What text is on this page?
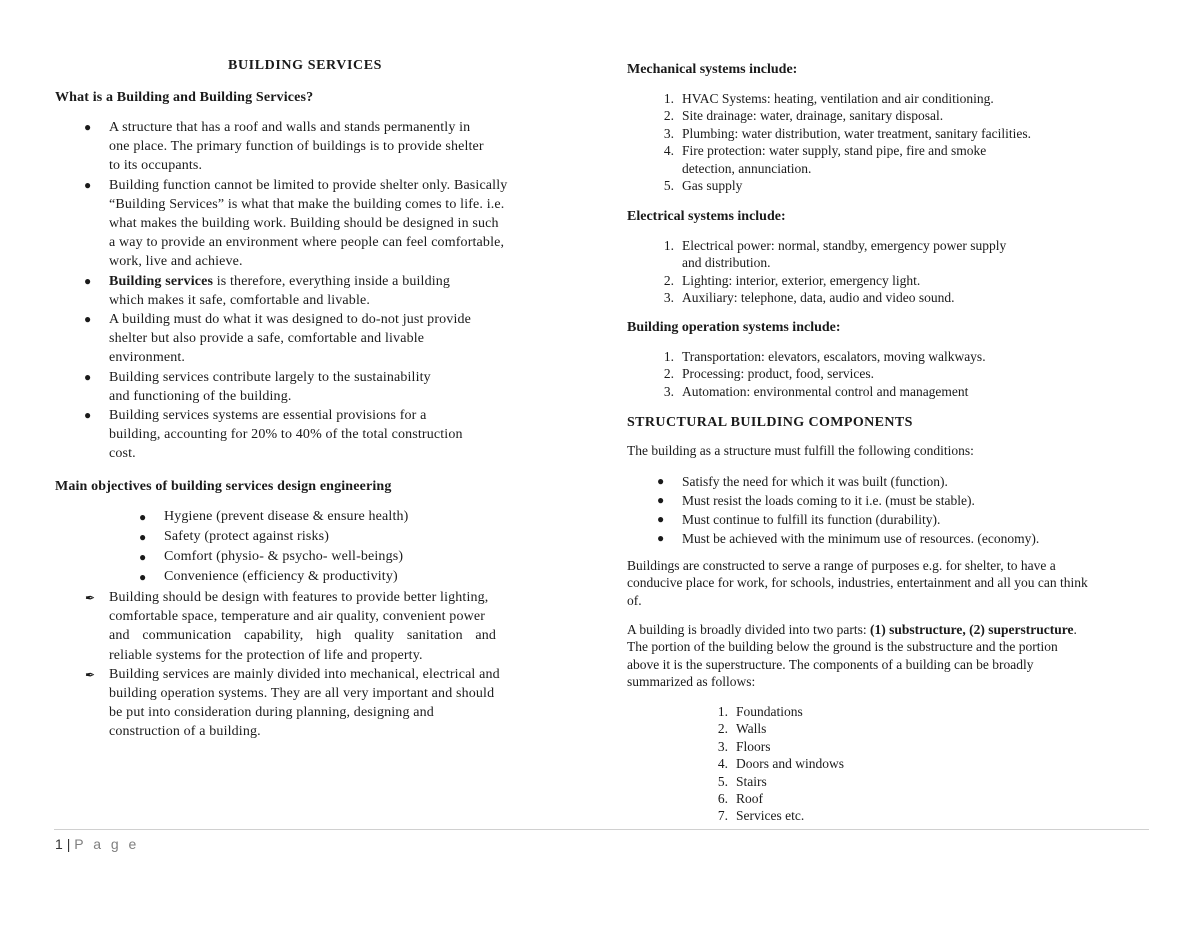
BUILDING SERVICES
What is a Building and Building Services?
● A structure that has a roof and walls and stands permanently in
one place. The primary function of buildings is to provide shelter
to its occupants.
● Building function cannot be limited to provide shelter only. Basically
“Building Services” is what that make the building comes to life. i.e.
what makes the building work. Building should be designed in such
a way to provide an environment where people can feel comfortable,
work, live and achieve.
● Building services is therefore, everything inside a building
which makes it safe, comfortable and livable.
● A building must do what it was designed to do-not just provide
shelter but also provide a safe, comfortable and livable
environment.
● Building services contribute largely to the sustainability
and functioning of the building.
● Building services systems are essential provisions for a
building, accounting for 20% to 40% of the total construction
cost.
Main objectives of building services design engineering
● Hygiene (prevent disease & ensure health)
● Safety (protect against risks)
● Comfort (physio- & psycho- well-beings)
● Convenience (efficiency & productivity)
✒ Building should be design with features to provide better lighting,
comfortable space, temperature and air quality, convenient power
and communication capability, high quality sanitation and
reliable systems for the protection of life and property.
✒ Building services are mainly divided into mechanical, electrical and
building operation systems. They are all very important and should
be put into consideration during planning, designing and
construction of a building.
Mechanical systems include:
1. HVAC Systems: heating, ventilation and air conditioning.
2. Site drainage: water, drainage, sanitary disposal.
3. Plumbing: water distribution, water treatment, sanitary facilities.
4. Fire protection: water supply, stand pipe, fire and smoke
detection, annunciation.
5. Gas supply
Electrical systems include:
1. Electrical power: normal, standby, emergency power supply
and distribution.
2. Lighting: interior, exterior, emergency light.
3. Auxiliary: telephone, data, audio and video sound.
Building operation systems include:
1. Transportation: elevators, escalators, moving walkways.
2. Processing: product, food, services.
3. Automation: environmental control and management
STRUCTURAL BUILDING COMPONENTS
The building as a structure must fulfill the following conditions:
● Satisfy the need for which it was built (function).
● Must resist the loads coming to it i.e. (must be stable).
● Must continue to fulfill its function (durability).
● Must be achieved with the minimum use of resources. (economy).
Buildings are constructed to serve a range of purposes e.g. for shelter, to have a
conducive place for work, for schools, industries, entertainment and all you can think
of.
A building is broadly divided into two parts: (1) substructure, (2) superstructure.
The portion of the building below the ground is the substructure and the portion
above it is the superstructure. The components of a building can be broadly
summarized as follows:
1. Foundations
2. Walls
3. Floors
4. Doors and windows
5. Stairs
6. Roof
7. Services etc.
1 | P a g e
